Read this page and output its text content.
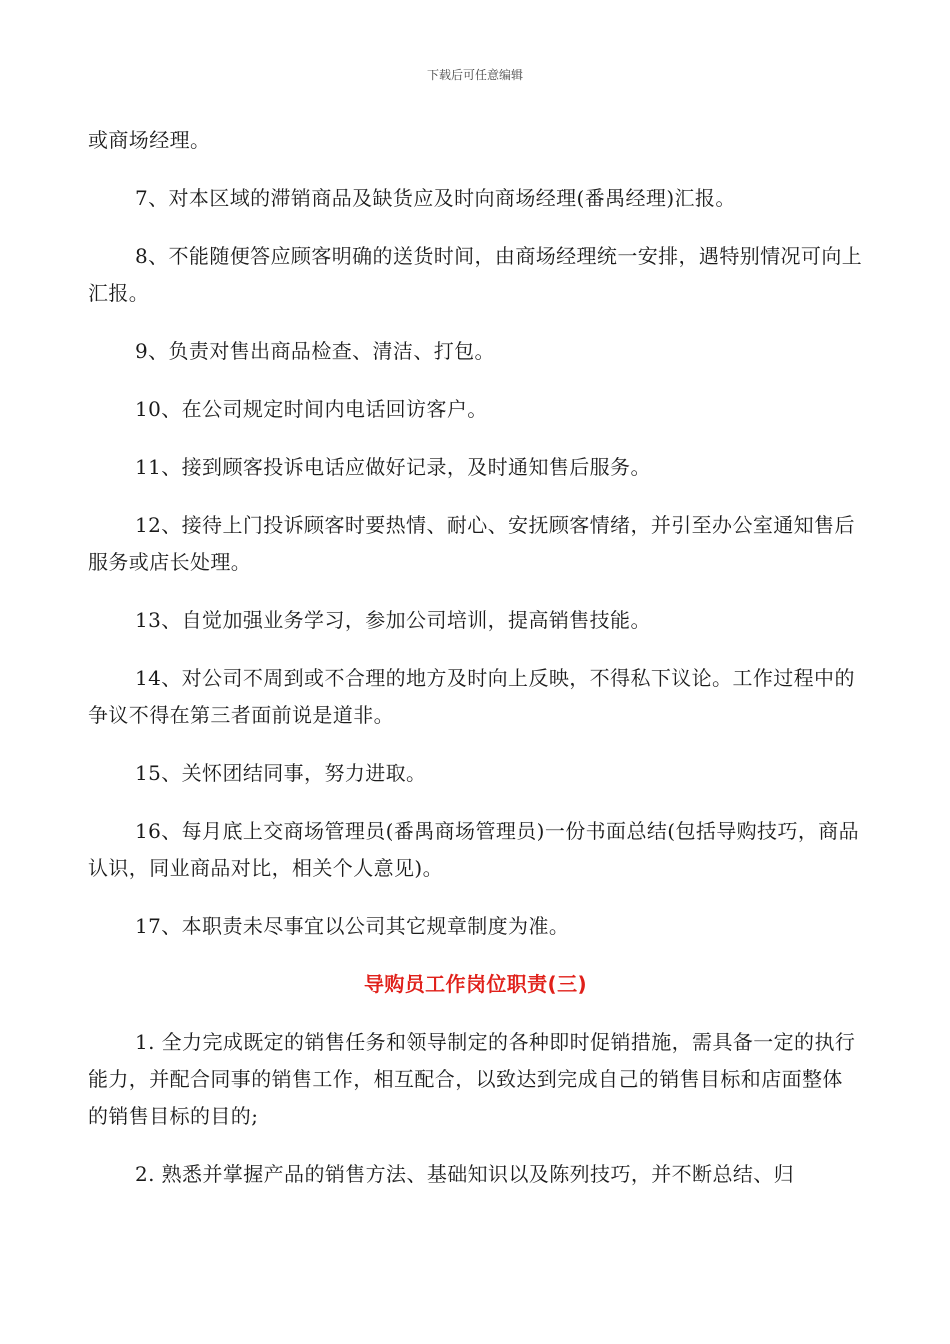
下载后可任意编辑

或商场经理。

7、对本区域的滞销商品及缺货应及时向商场经理(番禺经理)汇报。

8、不能随便答应顾客明确的送货时间，由商场经理统一安排，遇特别情况可向上汇报。

9、负责对售出商品检查、清洁、打包。

10、在公司规定时间内电话回访客户。

11、接到顾客投诉电话应做好记录，及时通知售后服务。

12、接待上门投诉顾客时要热情、耐心、安抚顾客情绪，并引至办公室通知售后服务或店长处理。

13、自觉加强业务学习，参加公司培训，提高销售技能。

14、对公司不周到或不合理的地方及时向上反映，不得私下议论。工作过程中的争议不得在第三者面前说是道非。

15、关怀团结同事，努力进取。

16、每月底上交商场管理员(番禺商场管理员)一份书面总结(包括导购技巧，商品认识，同业商品对比，相关个人意见)。

17、本职责未尽事宜以公司其它规章制度为准。

导购员工作岗位职责(三)

1. 全力完成既定的销售任务和领导制定的各种即时促销措施，需具备一定的执行能力，并配合同事的销售工作，相互配合，以致达到完成自己的销售目标和店面整体的销售目标的目的;

2. 熟悉并掌握产品的销售方法、基础知识以及陈列技巧，并不断总结、归
